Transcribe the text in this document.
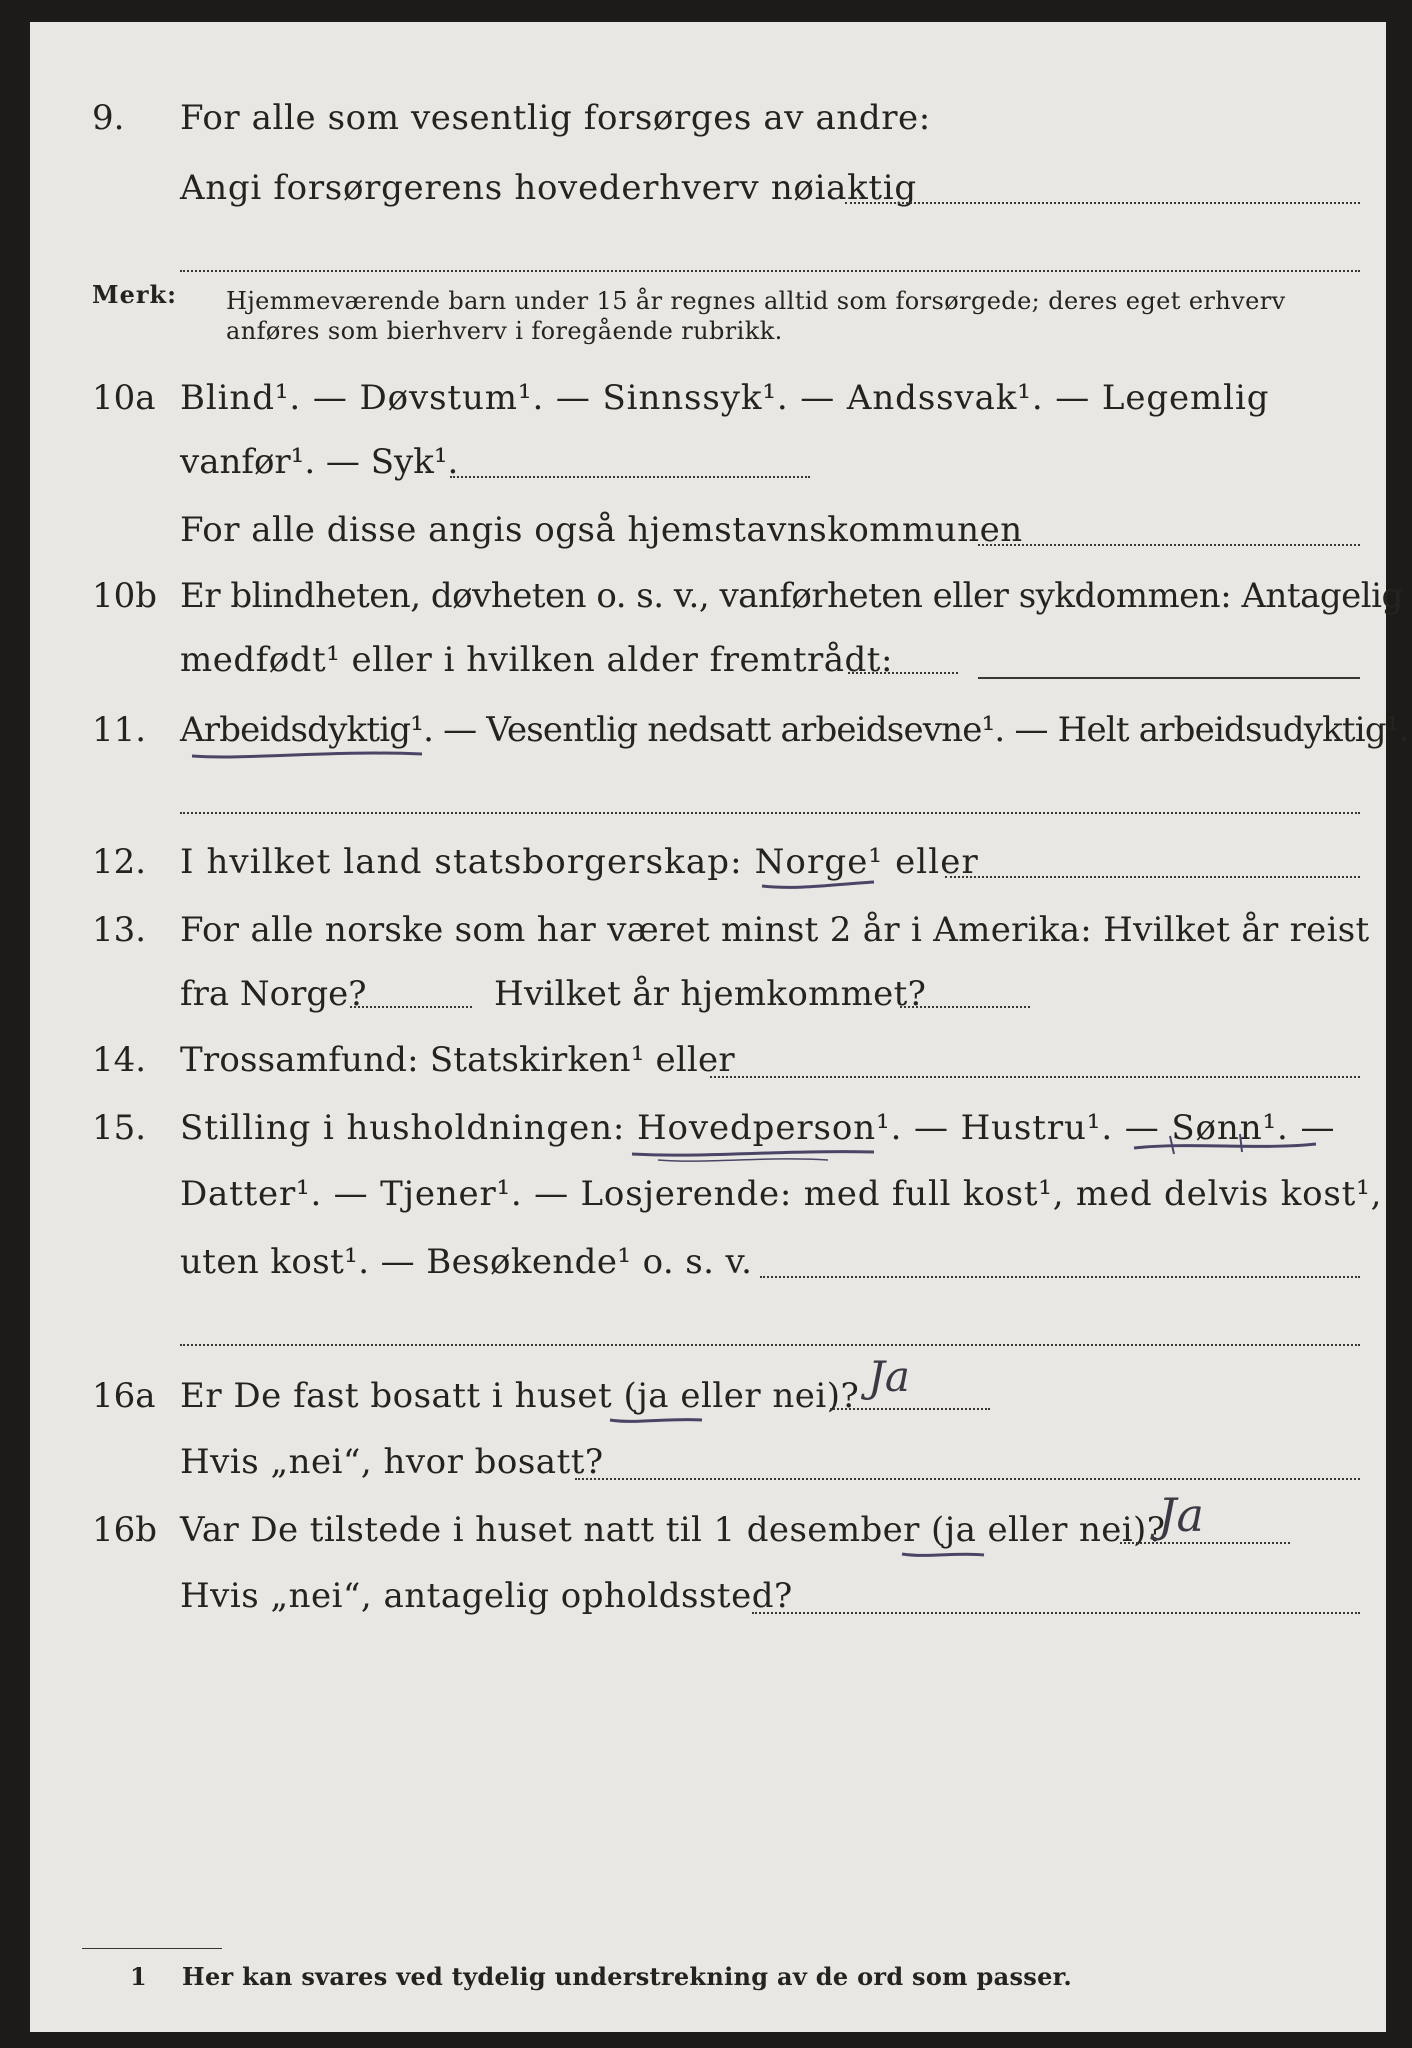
9. For alle som vesentlig forsørges av andre:
Angi forsørgerens hovederhverv nøiaktig
Merk: Hjemmeværende barn under 15 år regnes alltid som forsørgede; deres eget erhverv
anføres som bierhverv i foregående rubrikk.
10a Blind¹. — Døvstum¹. — Sinnssyk¹. — Andssvak¹. — Legemlig
vanfør¹. — Syk¹.
For alle disse angis også hjemstavnskommunen
10b Er blindheten, døvheten o. s. v., vanførheten eller sykdommen: Antagelig
medfødt¹ eller i hvilken alder fremtrådt:
11. Arbeidsdyktig¹. — Vesentlig nedsatt arbeidsevne¹. — Helt arbeidsudyktig¹.
12. I hvilket land statsborgerskap: Norge¹ eller
13. For alle norske som har været minst 2 år i Amerika: Hvilket år reist
fra Norge?	Hvilket år hjemkommet?
14. Trossamfund: Statskirken¹ eller
15. Stilling i husholdningen: Hovedperson¹. — Hustru¹. — Sønn¹. —
Datter¹. — Tjener¹. — Losjerende: med full kost¹, med delvis kost¹,
uten kost¹. — Besøkende¹ o. s. v.
16a Er De fast bosatt i huset (ja eller nei)? Ja
Hvis „nei“, hvor bosatt?
16b Var De tilstede i huset natt til 1 desember (ja eller nei)?
Ja
Hvis „nei“, antagelig opholdssted?
1 Her kan svares ved tydelig understrekning av de ord som passer.
